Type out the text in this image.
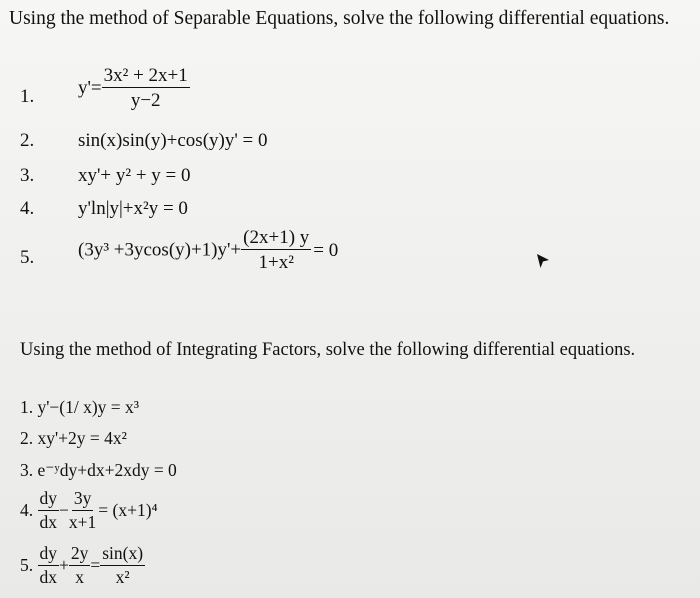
Using the method of Separable Equations, solve the following differential equations.
1. $y'= \frac{\text{3x² + 2x+1}}{y-2}$
2. sin(x)sin(y)+cos(y)y' = 0
3. xy'+ y² + y = 0
4. y'ln|y|+x²y = 0
5. $(3y^3 +3ycos(y)+1)y'+ \frac{(2x+1) y}{\text{1+x²}} = 0$
Using the method of Integrating Factors, solve the following differential equations.
1. y'−(1/ x)y = x³
2. xy'+2y = 4x²
3. e⁻ʸdy+dx+2xdy = 0
4. $\frac{dy}{dx} - \frac{3y}{x+1} = (x+1)^4$
5. $\frac{dy}{dx} + \frac{2y}{x} = \frac{\sin(x)}{\text{x²}}$
